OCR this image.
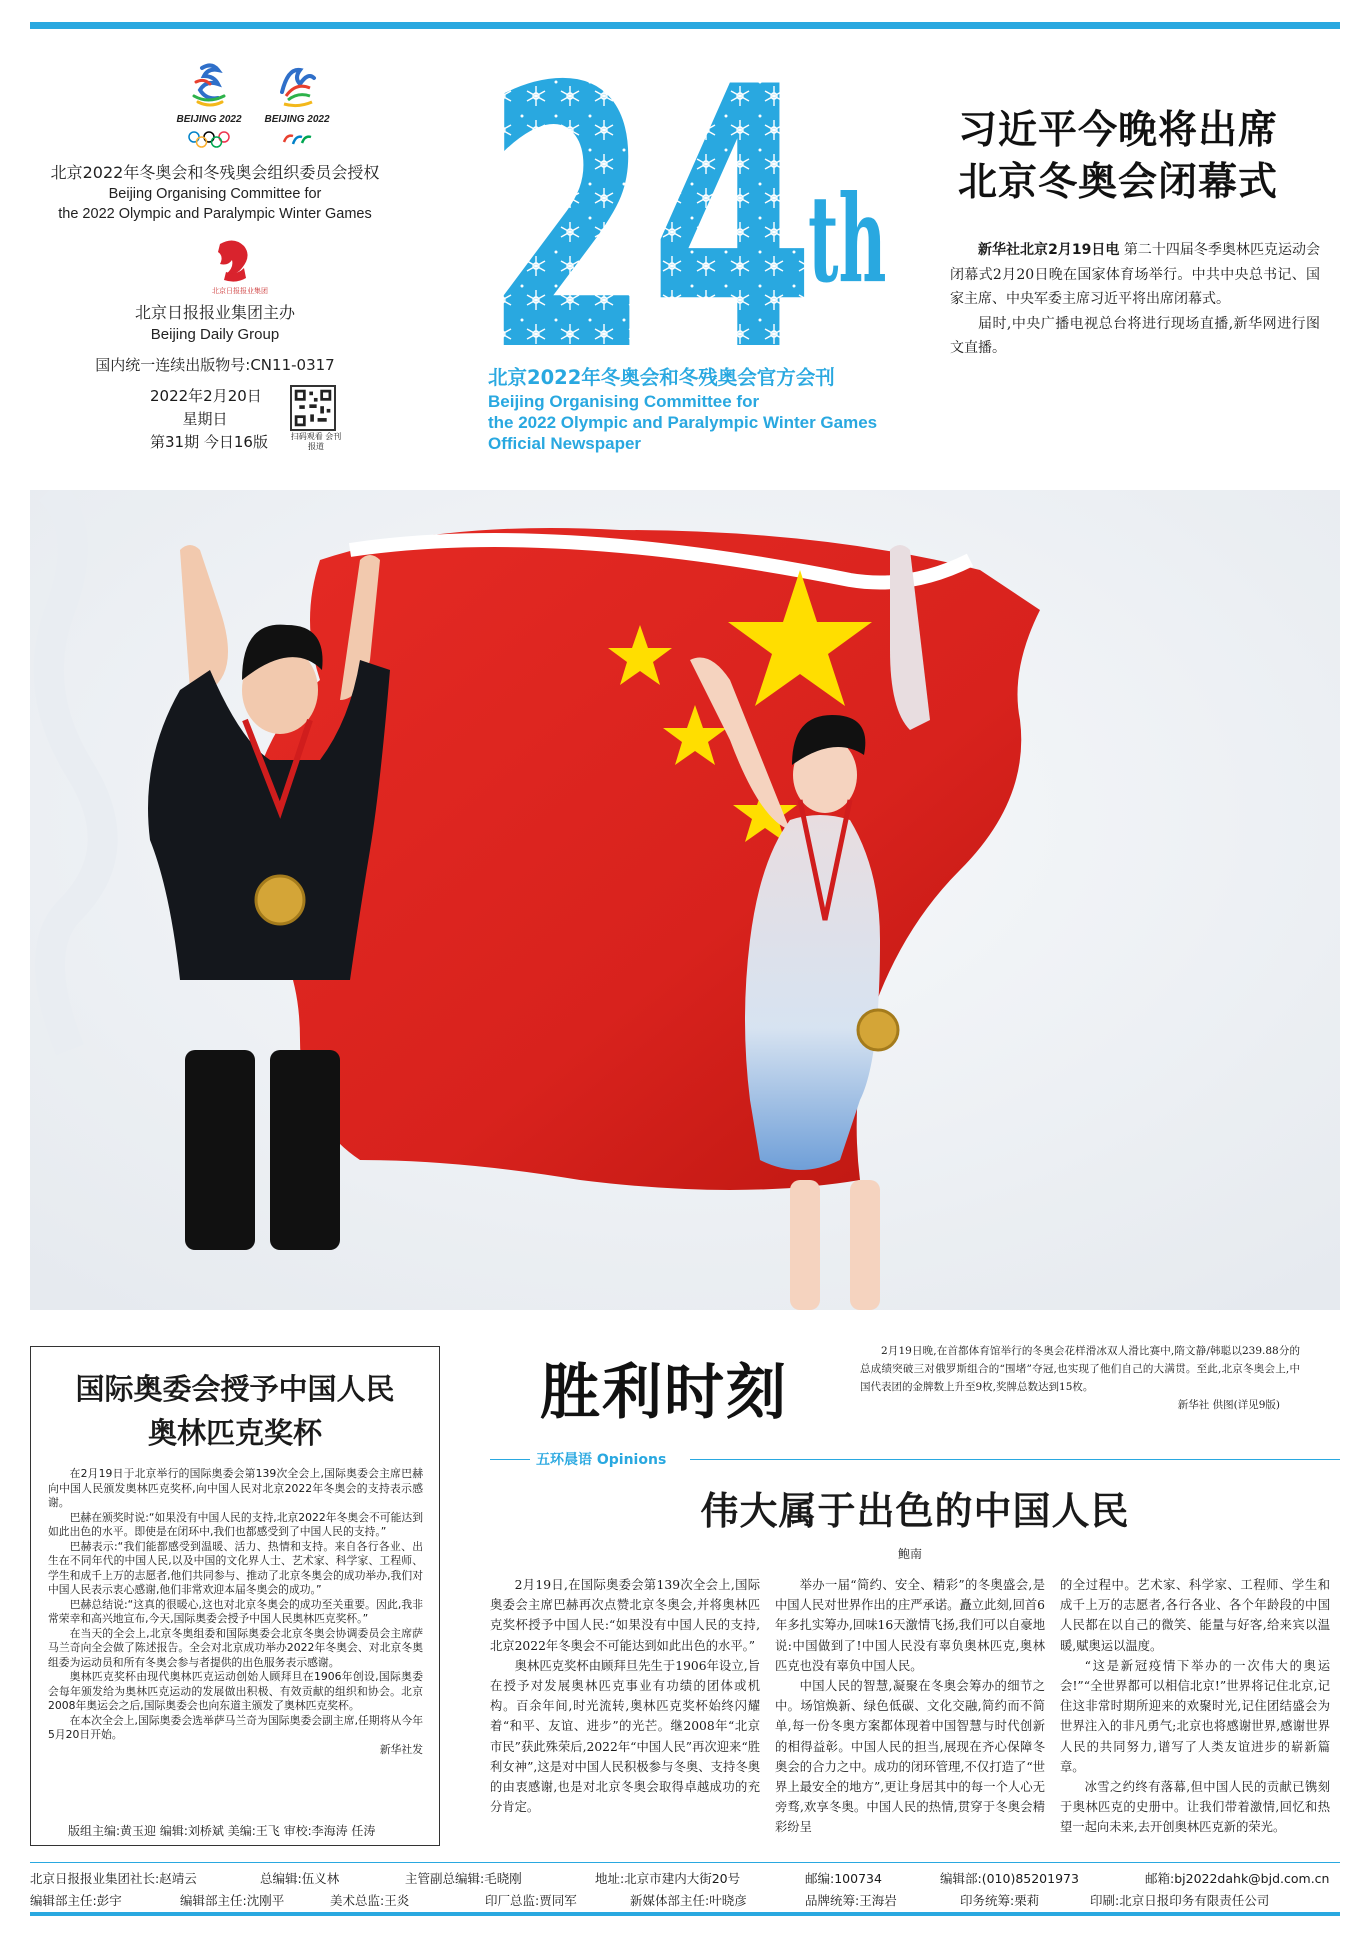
BEIJING 2022	BEIJING 2022
北京2022年冬奥会和冬残奥会组织委员会授权
Beijing Organising Committee for
the 2022 Olympic and Paralympic Winter Games
北京日报报业集团
北京日报报业集团主办
Beijing Daily Group
国内统一连续出版物号:CN11-0317
2022年2月20日
星期日
第31期 今日16版	扫码观看 会刊报道
24
th
北京2022年冬奥会和冬残奥会官方会刊
Beijing Organising Committee for
the 2022 Olympic and Paralympic Winter Games
Official Newspaper
习近平今晚将出席
北京冬奥会闭幕式

新华社北京2月19日电 第二十四届冬季奥林匹克运动会闭幕式2月20日晚在国家体育场举行。中共中央总书记、国家主席、中央军委主席习近平将出席闭幕式。

届时,中央广播电视总台将进行现场直播,新华网进行图文直播。

国际奥委会授予中国人民
奥林匹克奖杯

在2月19日于北京举行的国际奥委会第139次全会上,国际奥委会主席巴赫向中国人民颁发奥林匹克奖杯,向中国人民对北京2022年冬奥会的支持表示感谢。

巴赫在颁奖时说:“如果没有中国人民的支持,北京2022年冬奥会不可能达到如此出色的水平。即使是在闭环中,我们也都感受到了中国人民的支持。”

巴赫表示:“我们能都感受到温暖、活力、热情和支持。来自各行各业、出生在不同年代的中国人民,以及中国的文化界人士、艺术家、科学家、工程师、学生和成千上万的志愿者,他们共同参与、推动了北京冬奥会的成功举办,我们对中国人民表示衷心感谢,他们非常欢迎本届冬奥会的成功。”

巴赫总结说:“这真的很暖心,这也对北京冬奥会的成功至关重要。因此,我非常荣幸和高兴地宣布,今天,国际奥委会授予中国人民奥林匹克奖杯。”

在当天的全会上,北京冬奥组委和国际奥委会北京冬奥会协调委员会主席萨马兰奇向全会做了陈述报告。全会对北京成功举办2022年冬奥会、对北京冬奥组委为运动员和所有冬奥会参与者提供的出色服务表示感谢。

奥林匹克奖杯由现代奥林匹克运动创始人顾拜旦在1906年创设,国际奥委会每年颁发给为奥林匹克运动的发展做出积极、有效贡献的组织和协会。北京2008年奥运会之后,国际奥委会也向东道主颁发了奥林匹克奖杯。

在本次全会上,国际奥委会选举萨马兰奇为国际奥委会副主席,任期将从今年5月20日开始。

新华社发
版组主编:黄玉迎 编辑:刘桥斌 美编:王飞 审校:李海涛 任涛
胜利时刻

2月19日晚,在首都体育馆举行的冬奥会花样滑冰双人滑比赛中,隋文静/韩聪以239.88分的总成绩突破三对俄罗斯组合的“围堵”夺冠,也实现了他们自己的大满贯。至此,北京冬奥会上,中国代表团的金牌数上升至9枚,奖牌总数达到15枚。

新华社 供图(详见9版)

五环晨语 Opinions
伟大属于出色的中国人民
鲍南

2月19日,在国际奥委会第139次全会上,国际奥委会主席巴赫再次点赞北京冬奥会,并将奥林匹克奖杯授予中国人民:“如果没有中国人民的支持,北京2022年冬奥会不可能达到如此出色的水平。”

奥林匹克奖杯由顾拜旦先生于1906年设立,旨在授予对发展奥林匹克事业有功绩的团体或机构。百余年间,时光流转,奥林匹克奖杯始终闪耀着“和平、友谊、进步”的光芒。继2008年“北京市民”获此殊荣后,2022年“中国人民”再次迎来“胜利女神”,这是对中国人民积极参与冬奥、支持冬奥的由衷感谢,也是对北京冬奥会取得卓越成功的充分肯定。

举办一届“简约、安全、精彩”的冬奥盛会,是中国人民对世界作出的庄严承诺。矗立此刻,回首6年多扎实筹办,回味16天激情飞扬,我们可以自豪地说:中国做到了!中国人民没有辜负奥林匹克,奥林匹克也没有辜负中国人民。

中国人民的智慧,凝聚在冬奥会筹办的细节之中。场馆焕新、绿色低碳、文化交融,简约而不简单,每一份冬奥方案都体现着中国智慧与时代创新的相得益彰。中国人民的担当,展现在齐心保障冬奥会的合力之中。成功的闭环管理,不仅打造了“世界上最安全的地方”,更让身居其中的每一个人心无旁骛,欢享冬奥。中国人民的热情,贯穿于冬奥会精彩纷呈

的全过程中。艺术家、科学家、工程师、学生和成千上万的志愿者,各行各业、各个年龄段的中国人民都在以自己的微笑、能量与好客,给来宾以温暖,赋奥运以温度。

“这是新冠疫情下举办的一次伟大的奥运会!”“全世界都可以相信北京!”世界将记住北京,记住这非常时期所迎来的欢聚时光,记住团结盛会为世界注入的非凡勇气;北京也将感谢世界,感谢世界人民的共同努力,谱写了人类友谊进步的崭新篇章。

冰雪之约终有落幕,但中国人民的贡献已镌刻于奥林匹克的史册中。让我们带着激情,回忆和热望一起向未来,去开创奥林匹克新的荣光。

北京日报报业集团社长:赵靖云	总编辑:伍义林	主管副总编辑:毛晓刚	地址:北京市建内大街20号	邮编:100734	编辑部:(010)85201973	邮箱:bj2022dahk@bjd.com.cn
编辑部主任:彭宇	编辑部主任:沈刚平	美术总监:王炎	印厂总监:贾同军	新媒体部主任:叶晓彦	品牌统筹:王海岩	印务统筹:栗莉	印刷:北京日报印务有限责任公司
